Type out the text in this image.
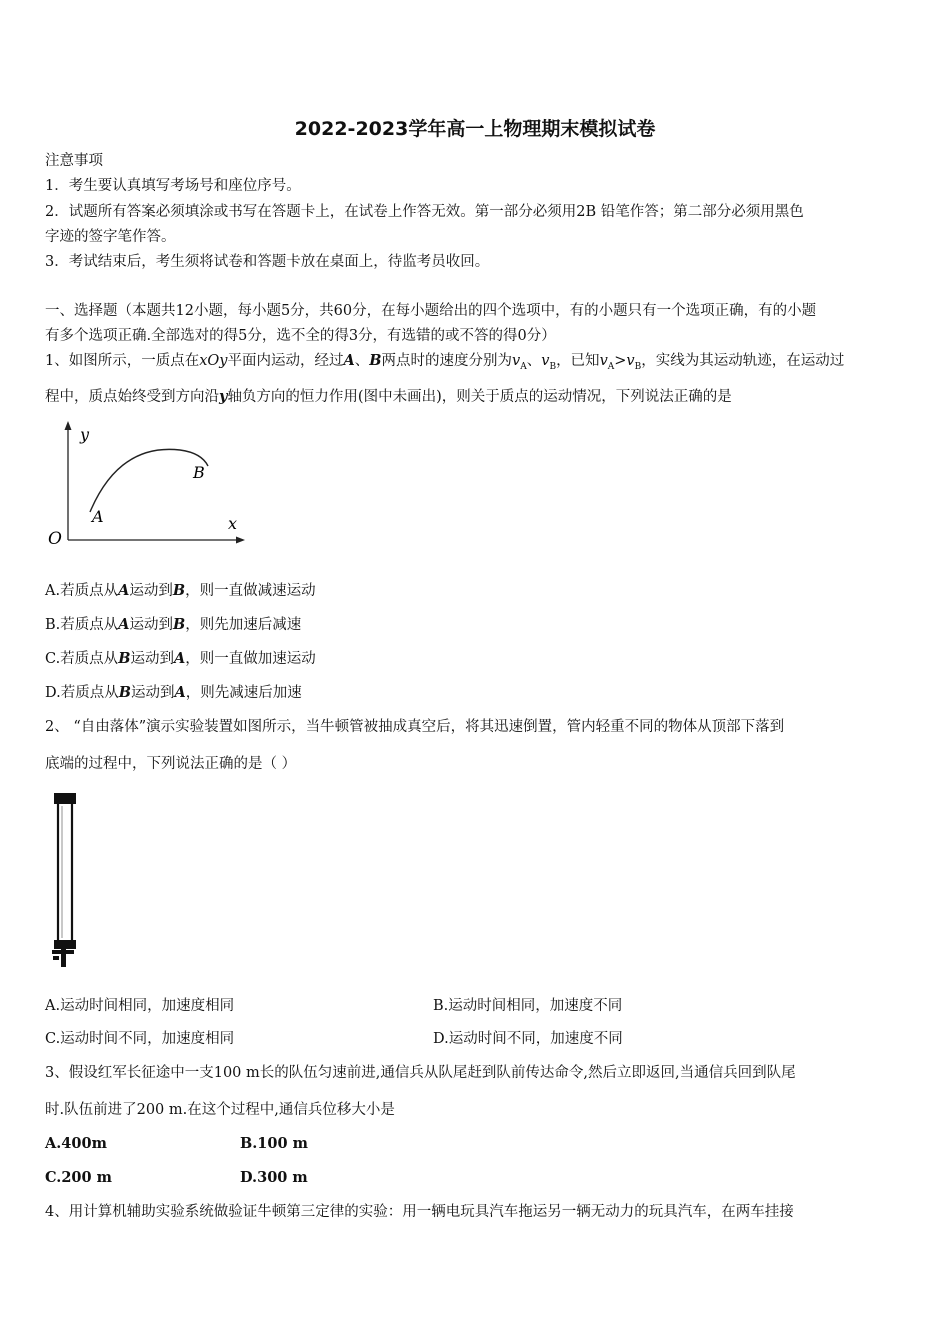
2022-2023学年高一上物理期末模拟试卷
注意事项
1．考生要认真填写考场号和座位序号。
2．试题所有答案必须填涂或书写在答题卡上，在试卷上作答无效。第一部分必须用2B 铅笔作答；第二部分必须用黑色
字迹的签字笔作答。
3．考试结束后，考生须将试卷和答题卡放在桌面上，待监考员收回。
一、选择题（本题共12小题，每小题5分，共60分，在每小题给出的四个选项中，有的小题只有一个选项正确，有的小题
有多个选项正确.全部选对的得5分，选不全的得3分，有选错的或不答的得0分）
1、如图所示，一质点在xOy平面内运动，经过A、B两点时的速度分别为$v_A$、$v_B$，已知$v_A>v_B$，实线为其运动轨迹，在运动过
程中，质点始终受到方向沿y轴负方向的恒力作用(图中未画出)，则关于质点的运动情况，下列说法正确的是
y
x
O
A
B
A.若质点从A运动到B，则一直做减速运动
B.若质点从A运动到B，则先加速后减速
C.若质点从B运动到A，则一直做加速运动
D.若质点从B运动到A，则先减速后加速
2、 “自由落体”演示实验装置如图所示，当牛顿管被抽成真空后，将其迅速倒置，管内轻重不同的物体从顶部下落到
底端的过程中，下列说法正确的是（ ）
A.运动时间相同，加速度相同	B.运动时间相同，加速度不同
C.运动时间不同，加速度相同	D.运动时间不同，加速度不同
3、假设红军长征途中一支100 m长的队伍匀速前进,通信兵从队尾赶到队前传达命令,然后立即返回,当通信兵回到队尾
时.队伍前进了200 m.在这个过程中,通信兵位移大小是
A.400m	B.100 m
C.200 m	D.300 m
4、用计算机辅助实验系统做验证牛顿第三定律的实验：用一辆电玩具汽车拖运另一辆无动力的玩具汽车，在两车挂接
